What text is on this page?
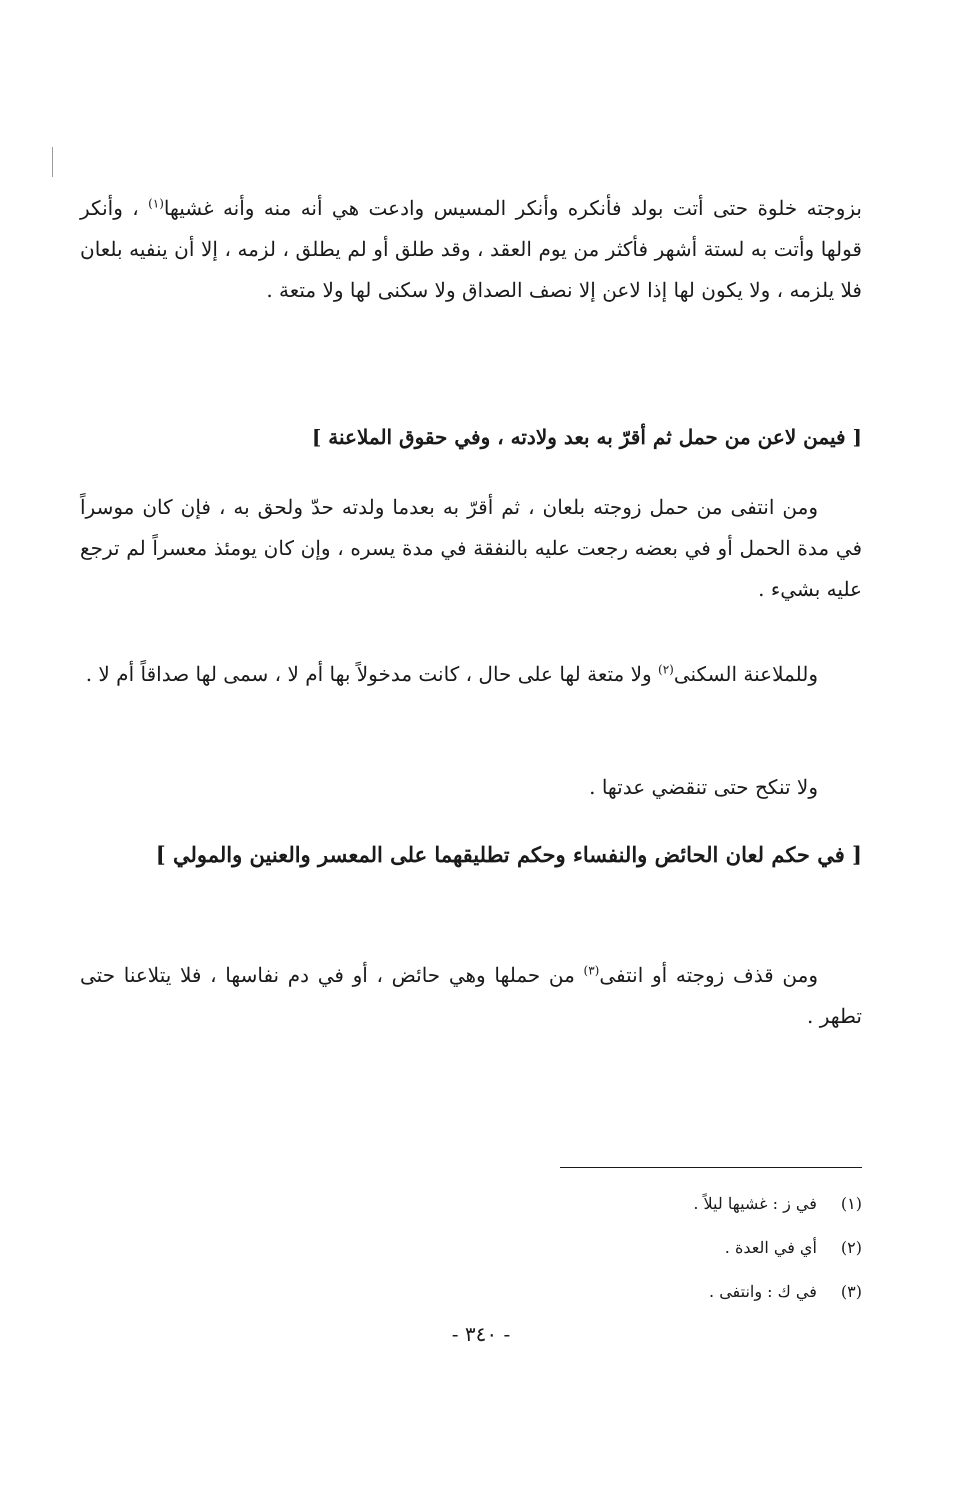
بزوجته خلوة حتى أتت بولد فأنكره وأنكر المسيس وادعت هي أنه منه وأنه غشيها$^{(١)}$ ، وأنكر قولها وأتت به لستة أشهر فأكثر من يوم العقد ، وقد طلق أو لم يطلق ، لزمه ، إلا أن ينفيه بلعان فلا يلزمه ، ولا يكون لها إذا لاعن إلا نصف الصداق ولا سكنى لها ولا متعة .
[ فيمن لاعن من حمل ثم أقرّ به بعد ولادته ، وفي حقوق الملاعنة ]
ومن انتفى من حمل زوجته بلعان ، ثم أقرّ به بعدما ولدته حدّ ولحق به ، فإن كان موسراً في مدة الحمل أو في بعضه رجعت عليه بالنفقة في مدة يسره ، وإن كان يومئذ معسراً لم ترجع عليه بشيء .
وللملاعنة السكنى$^{(٢)}$ ولا متعة لها على حال ، كانت مدخولاً بها أم لا ، سمى لها صداقاً أم لا .
ولا تنكح حتى تنقضي عدتها .
[ في حكم لعان الحائض والنفساء وحكم تطليقهما على المعسر والعنين والمولي ]
ومن قذف زوجته أو انتفى$^{(٣)}$ من حملها وهي حائض ، أو في دم نفاسها ، فلا يتلاعنا حتى تطهر .
(١) في ز : غشيها ليلاً .
(٢) أي في العدة .
(٣) في ك : وانتفى .
- ٣٤٠ -
